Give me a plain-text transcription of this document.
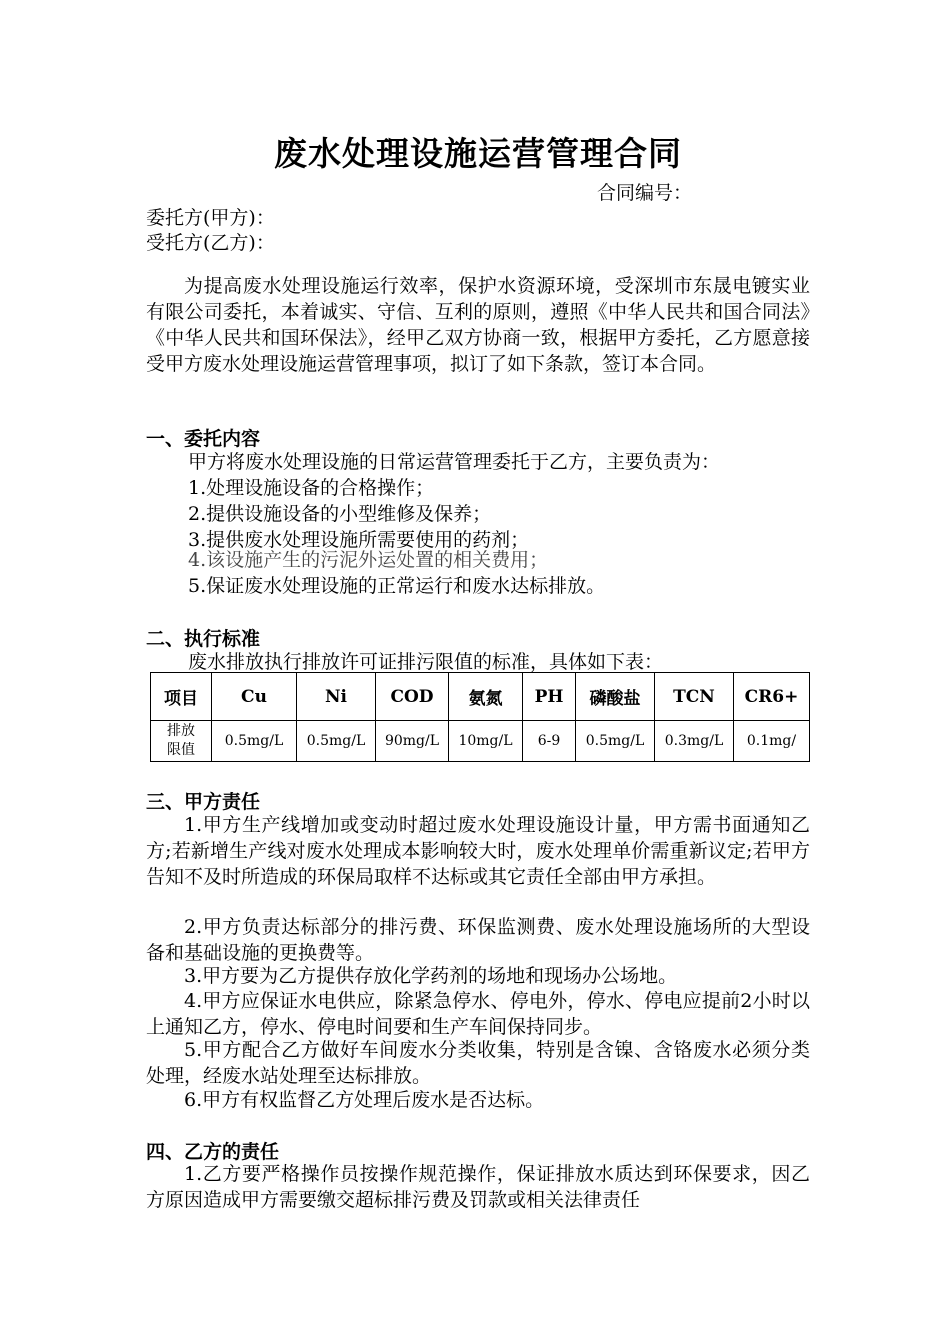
废水处理设施运营管理合同
合同编号：
委托方(甲方)：
受托方(乙方)：
为提高废水处理设施运行效率，保护水资源环境，受深圳市东晟电镀实业有限公司委托，本着诚实、守信、互利的原则，遵照《中华人民共和国合同法》《中华人民共和国环保法》，经甲乙双方协商一致，根据甲方委托，乙方愿意接受甲方废水处理设施运营管理事项，拟订了如下条款，签订本合同。
一、委托内容
甲方将废水处理设施的日常运营管理委托于乙方，主要负责为：
1.处理设施设备的合格操作；
2.提供设施设备的小型维修及保养；
3.提供废水处理设施所需要使用的药剂；
4.该设施产生的污泥外运处置的相关费用；
5.保证废水处理设施的正常运行和废水达标排放。
二、执行标准
废水排放执行排放许可证排污限值的标准，具体如下表：
项目	Cu	Ni	COD	氨氮	PH	磷酸盐	TCN	CR6+
排放
限值	0.5mg/L	0.5mg/L	90mg/L	10mg/L	6-9	0.5mg/L	0.3mg/L	0.1mg/
三、甲方责任
1.甲方生产线增加或变动时超过废水处理设施设计量，甲方需书面通知乙方;若新增生产线对废水处理成本影响较大时，废水处理单价需重新议定;若甲方告知不及时所造成的环保局取样不达标或其它责任全部由甲方承担。
2.甲方负责达标部分的排污费、环保监测费、废水处理设施场所的大型设备和基础设施的更换费等。
3.甲方要为乙方提供存放化学药剂的场地和现场办公场地。
4.甲方应保证水电供应，除紧急停水、停电外，停水、停电应提前2小时以上通知乙方，停水、停电时间要和生产车间保持同步。
5.甲方配合乙方做好车间废水分类收集，特别是含镍、含铬废水必须分类处理，经废水站处理至达标排放。
6.甲方有权监督乙方处理后废水是否达标。
四、乙方的责任
1.乙方要严格操作员按操作规范操作，保证排放水质达到环保要求，因乙方原因造成甲方需要缴交超标排污费及罚款或相关法律责任
